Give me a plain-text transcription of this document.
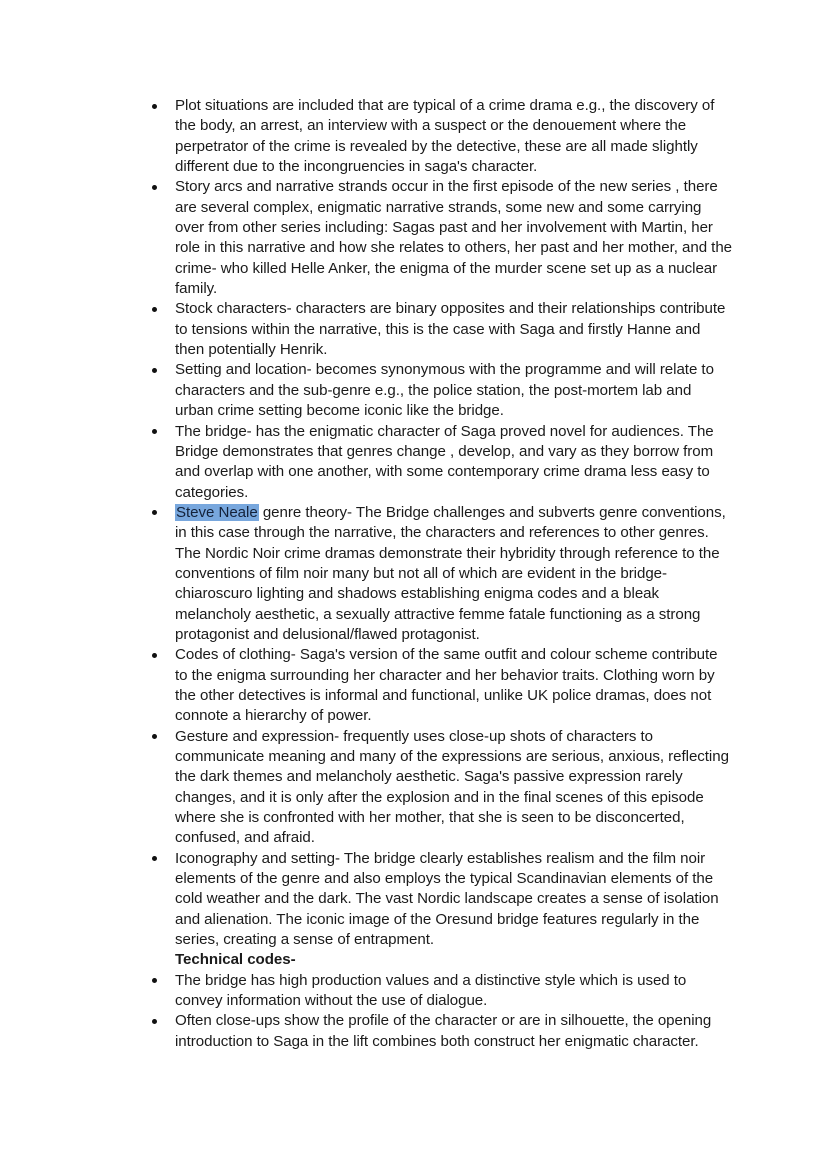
Plot situations are included that are typical of a crime drama e.g., the discovery of the body, an arrest, an interview with a suspect or the denouement where the perpetrator of the crime is revealed by the detective, these are all made slightly different due to the incongruencies in saga's character.
Story arcs and narrative strands occur in the first episode of the new series , there are several complex, enigmatic narrative strands, some new and some carrying over from other series including: Sagas past and her involvement with Martin, her role in this narrative and how she relates to others, her past and her mother, and the crime- who killed Helle Anker, the enigma of the murder scene set up as a nuclear family.
Stock characters- characters are binary opposites and their relationships contribute to tensions within the narrative, this is the case with Saga and firstly Hanne and then potentially Henrik.
Setting and location- becomes synonymous with the programme and will relate to characters and the sub-genre e.g., the police station, the post-mortem lab and urban crime setting become iconic like the bridge.
The bridge- has the enigmatic character of Saga proved novel for audiences. The Bridge demonstrates that genres change , develop, and vary as they borrow from and overlap with one another, with some contemporary crime drama less easy to categories.
Steve Neale genre theory- The Bridge challenges and subverts genre conventions, in this case through the narrative, the characters and references to other genres. The Nordic Noir crime dramas demonstrate their hybridity through reference to the conventions of film noir many but not all of which are evident in the bridge- chiaroscuro lighting and shadows establishing enigma codes and a bleak melancholy aesthetic, a sexually attractive femme fatale functioning as a strong protagonist and delusional/flawed protagonist.
Codes of clothing- Saga's version of the same outfit and colour scheme contribute to the enigma surrounding her character and her behavior traits. Clothing worn by the other detectives is informal and functional, unlike UK police dramas, does not connote a hierarchy of power.
Gesture and expression- frequently uses close-up shots of characters to communicate meaning and many of the expressions are serious, anxious, reflecting the dark themes and melancholy aesthetic. Saga's passive expression rarely changes, and it is only after the explosion and in the final scenes of this episode where she is confronted with her mother, that she is seen to be disconcerted, confused, and afraid.
Iconography and setting- The bridge clearly establishes realism and the film noir elements of the genre and also employs the typical Scandinavian elements of the cold weather and the dark. The vast Nordic landscape creates a sense of isolation and alienation. The iconic image of the Oresund bridge features regularly in the series, creating a sense of entrapment.
Technical codes-
The bridge has high production values and a distinctive style which is used to convey information without the use of dialogue.
Often close-ups show the profile of the character or are in silhouette, the opening introduction to Saga in the lift combines both construct her enigmatic character.
